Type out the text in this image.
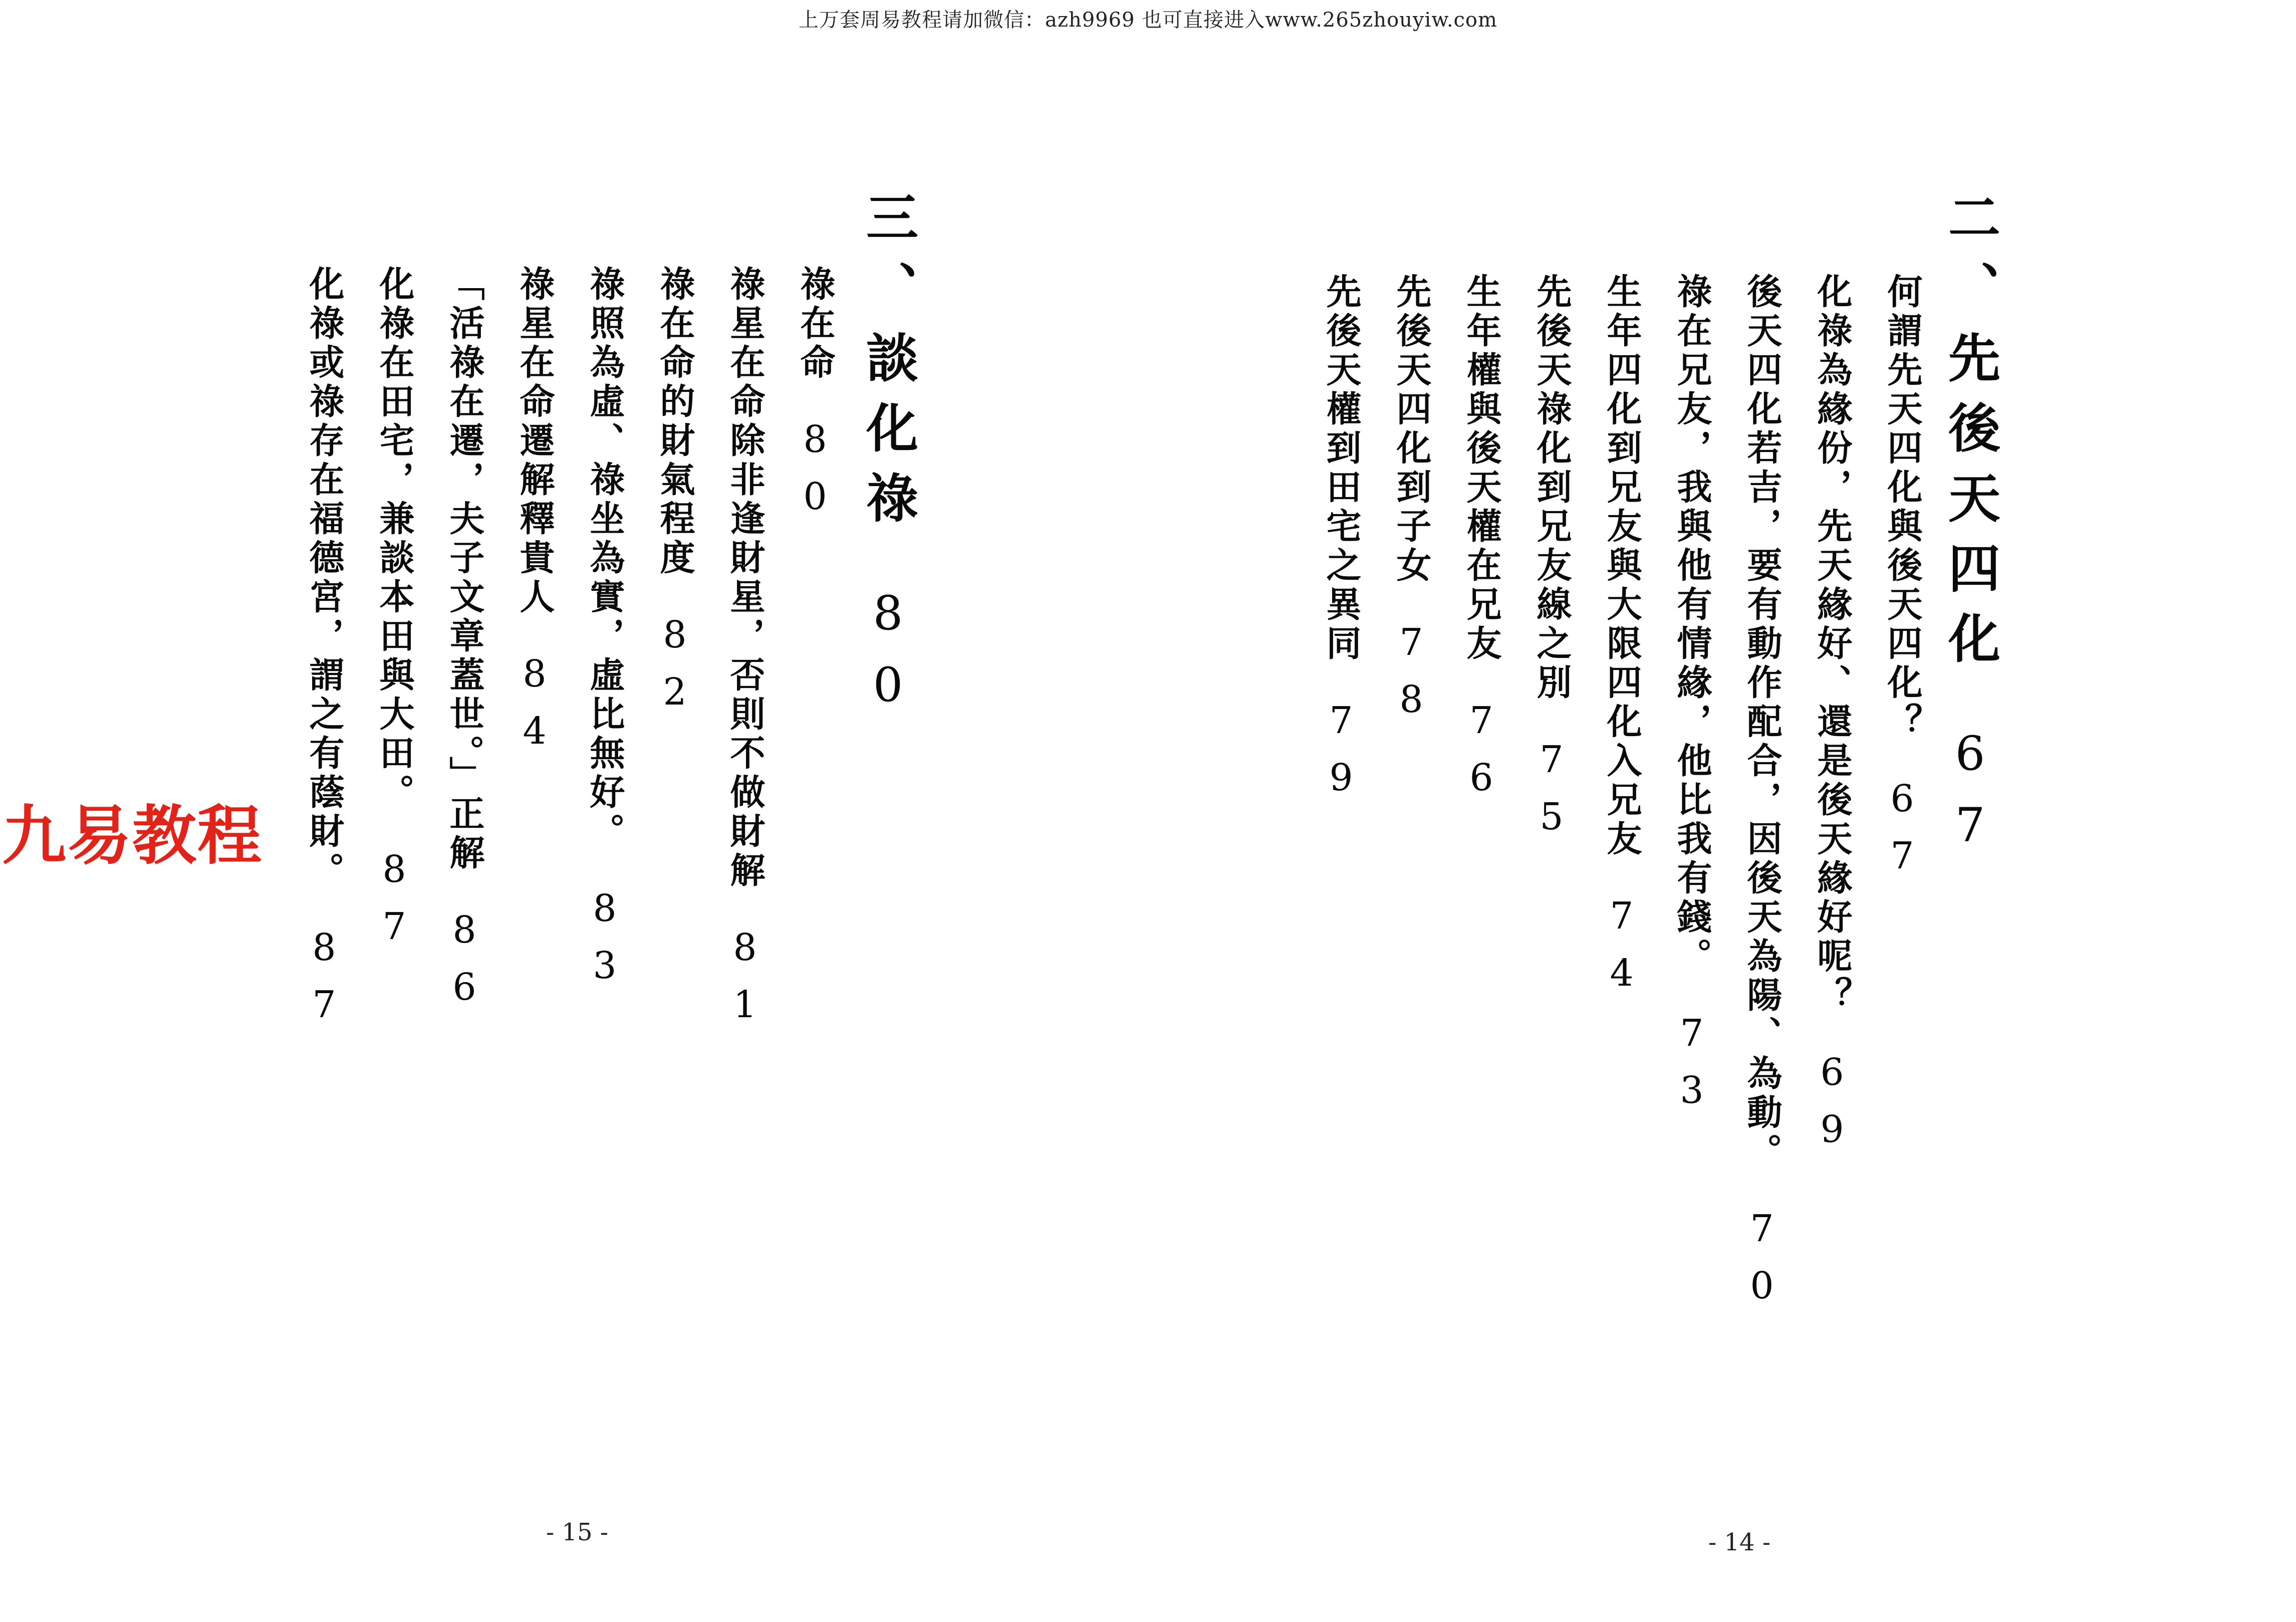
上万套周易教程请加微信：azh9969 也可直接进入www.265zhouyiw.com
二、先後天四化67
何謂先天四化與後天四化？67
化祿為緣份，先天緣好、還是後天緣好呢？69
後天四化若吉，要有動作配合，因後天為陽、為動。70
祿在兄友，我與他有情緣，他比我有錢。73
生年四化到兄友與大限四化入兄友74
先後天祿化到兄友線之別75
生年權與後天權在兄友76
先後天四化到子女78
先後天權到田宅之異同79
- 14 -
三、談化祿80
祿在命80
祿星在命除非逢財星，否則不做財解81
祿在命的財氣程度82
祿照為虛、祿坐為實，虛比無好。83
祿星在命遷解釋貴人84
「活祿在遷，夫子文章蓋世。」正解86
化祿在田宅，兼談本田與大田。87
化祿或祿存在福德宮，謂之有蔭財。87
- 15 -
九易教程
